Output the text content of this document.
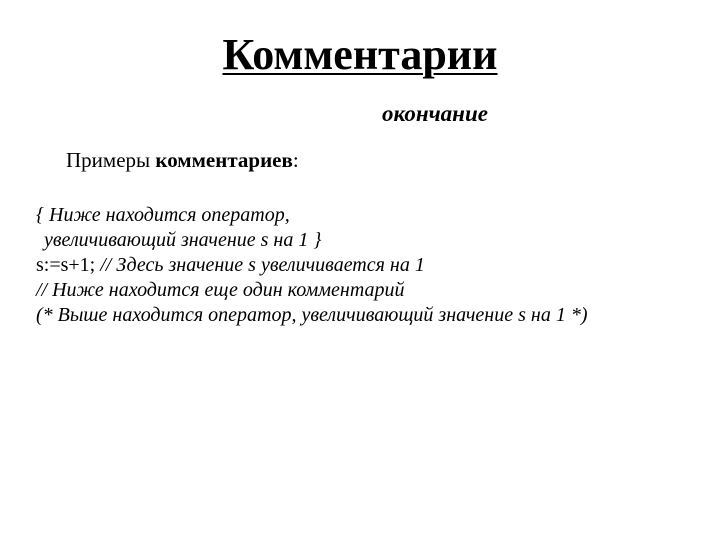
Комментарии
окончание
Примеры комментариев:
{ Ниже находится оператор,
увеличивающий значение s на 1 }
s:=s+1; // Здесь значение s увеличивается на 1
// Ниже находится еще один комментарий
(* Выше находится оператор, увеличивающий значение s на 1 *)
